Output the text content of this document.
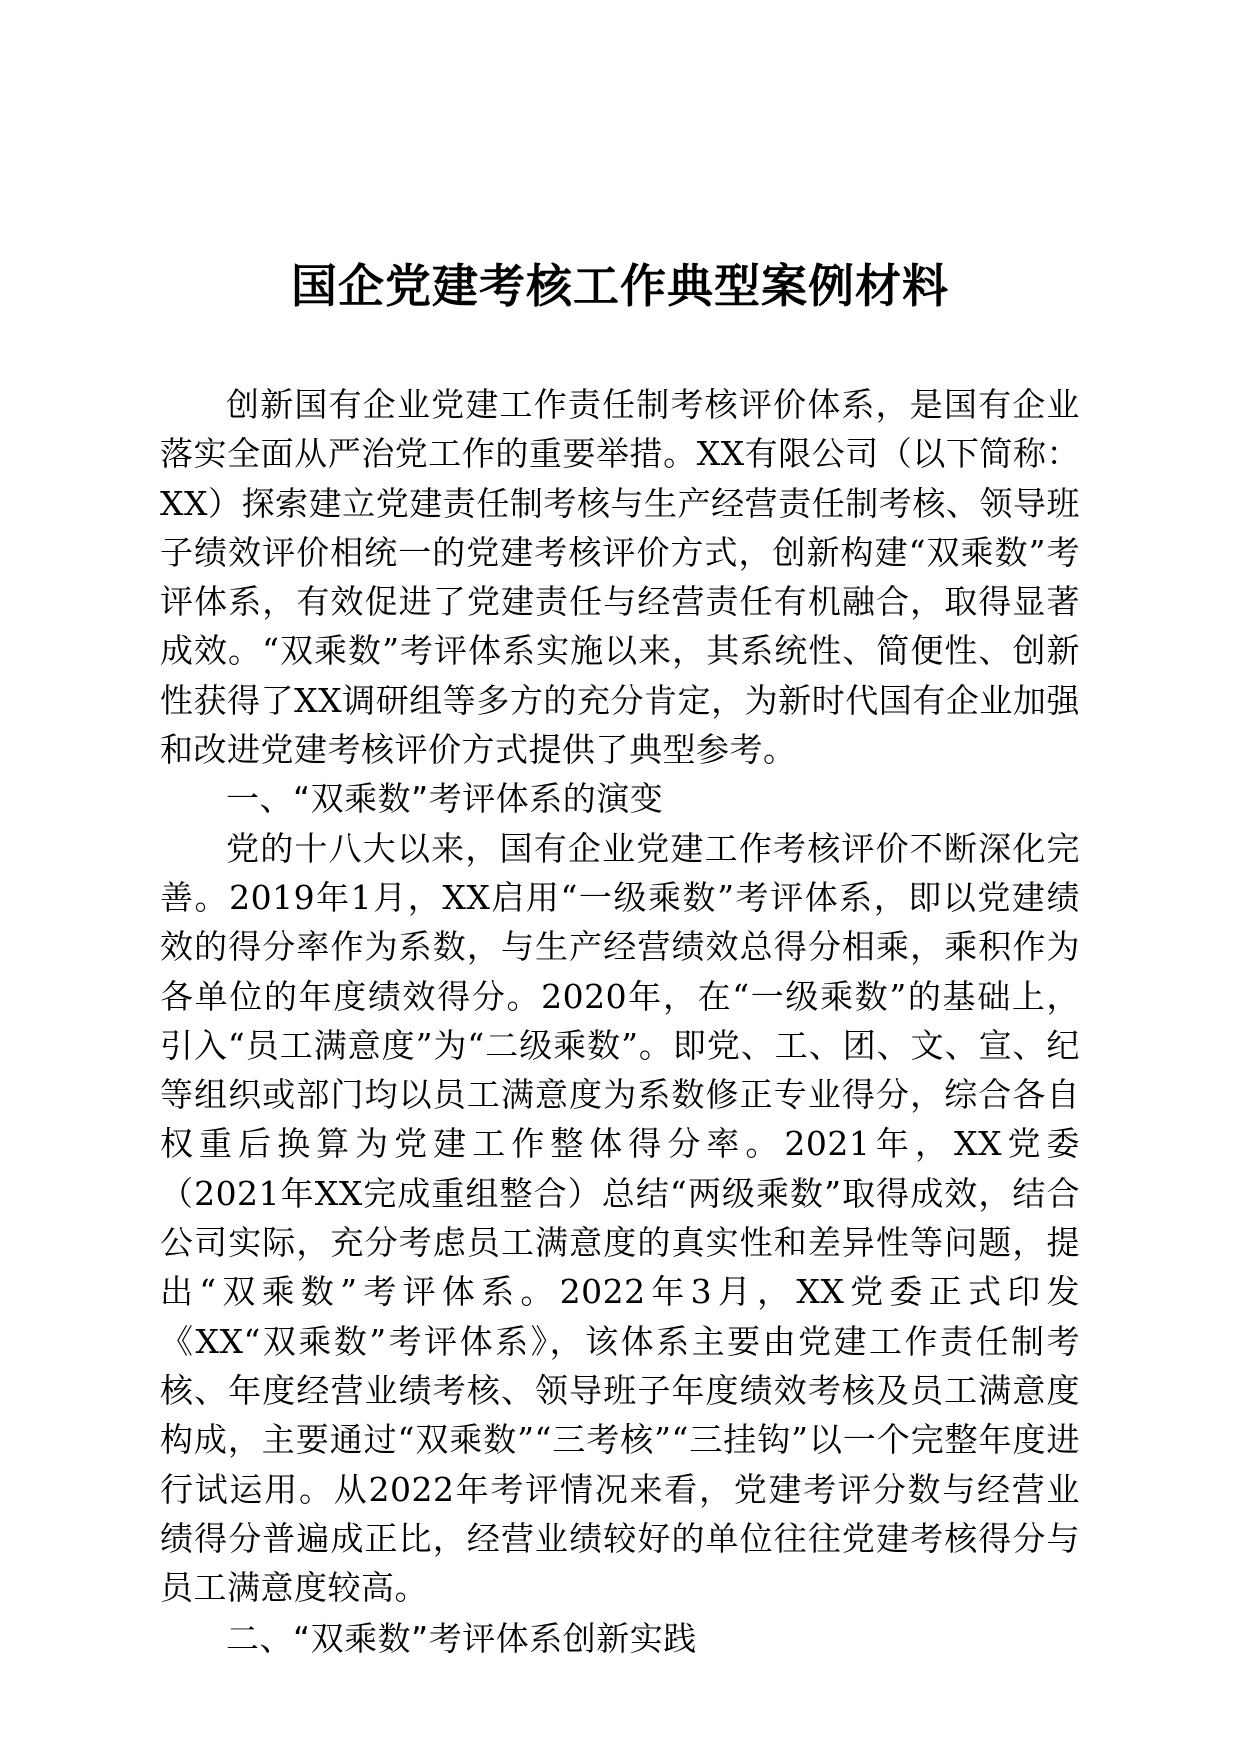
国企党建考核工作典型案例材料

创新国有企业党建工作责任制考核评价体系，是国有企业落实全面从严治党工作的重要举措。XX有限公司（以下简称：XX）探索建立党建责任制考核与生产经营责任制考核、领导班子绩效评价相统一的党建考核评价方式，创新构建“双乘数”考评体系，有效促进了党建责任与经营责任有机融合，取得显著成效。“双乘数”考评体系实施以来，其系统性、简便性、创新性获得了XX调研组等多方的充分肯定，为新时代国有企业加强和改进党建考核评价方式提供了典型参考。

一、“双乘数”考评体系的演变

党的十八大以来，国有企业党建工作考核评价不断深化完善。2019年1月，XX启用“一级乘数”考评体系，即以党建绩效的得分率作为系数，与生产经营绩效总得分相乘，乘积作为各单位的年度绩效得分。2020年，在“一级乘数”的基础上，引入“员工满意度”为“二级乘数”。即党、工、团、文、宣、纪等组织或部门均以员工满意度为系数修正专业得分，综合各自权重后换算为党建工作整体得分率。2021年，XX党委（2021年XX完成重组整合）总结“两级乘数”取得成效，结合公司实际，充分考虑员工满意度的真实性和差异性等问题，提出“双乘数”考评体系。2022年3月，XX党委正式印发《XX“双乘数”考评体系》，该体系主要由党建工作责任制考核、年度经营业绩考核、领导班子年度绩效考核及员工满意度构成，主要通过“双乘数”“三考核”“三挂钩”以一个完整年度进行试运用。从2022年考评情况来看，党建考评分数与经营业绩得分普遍成正比，经营业绩较好的单位往往党建考核得分与员工满意度较高。

二、“双乘数”考评体系创新实践
